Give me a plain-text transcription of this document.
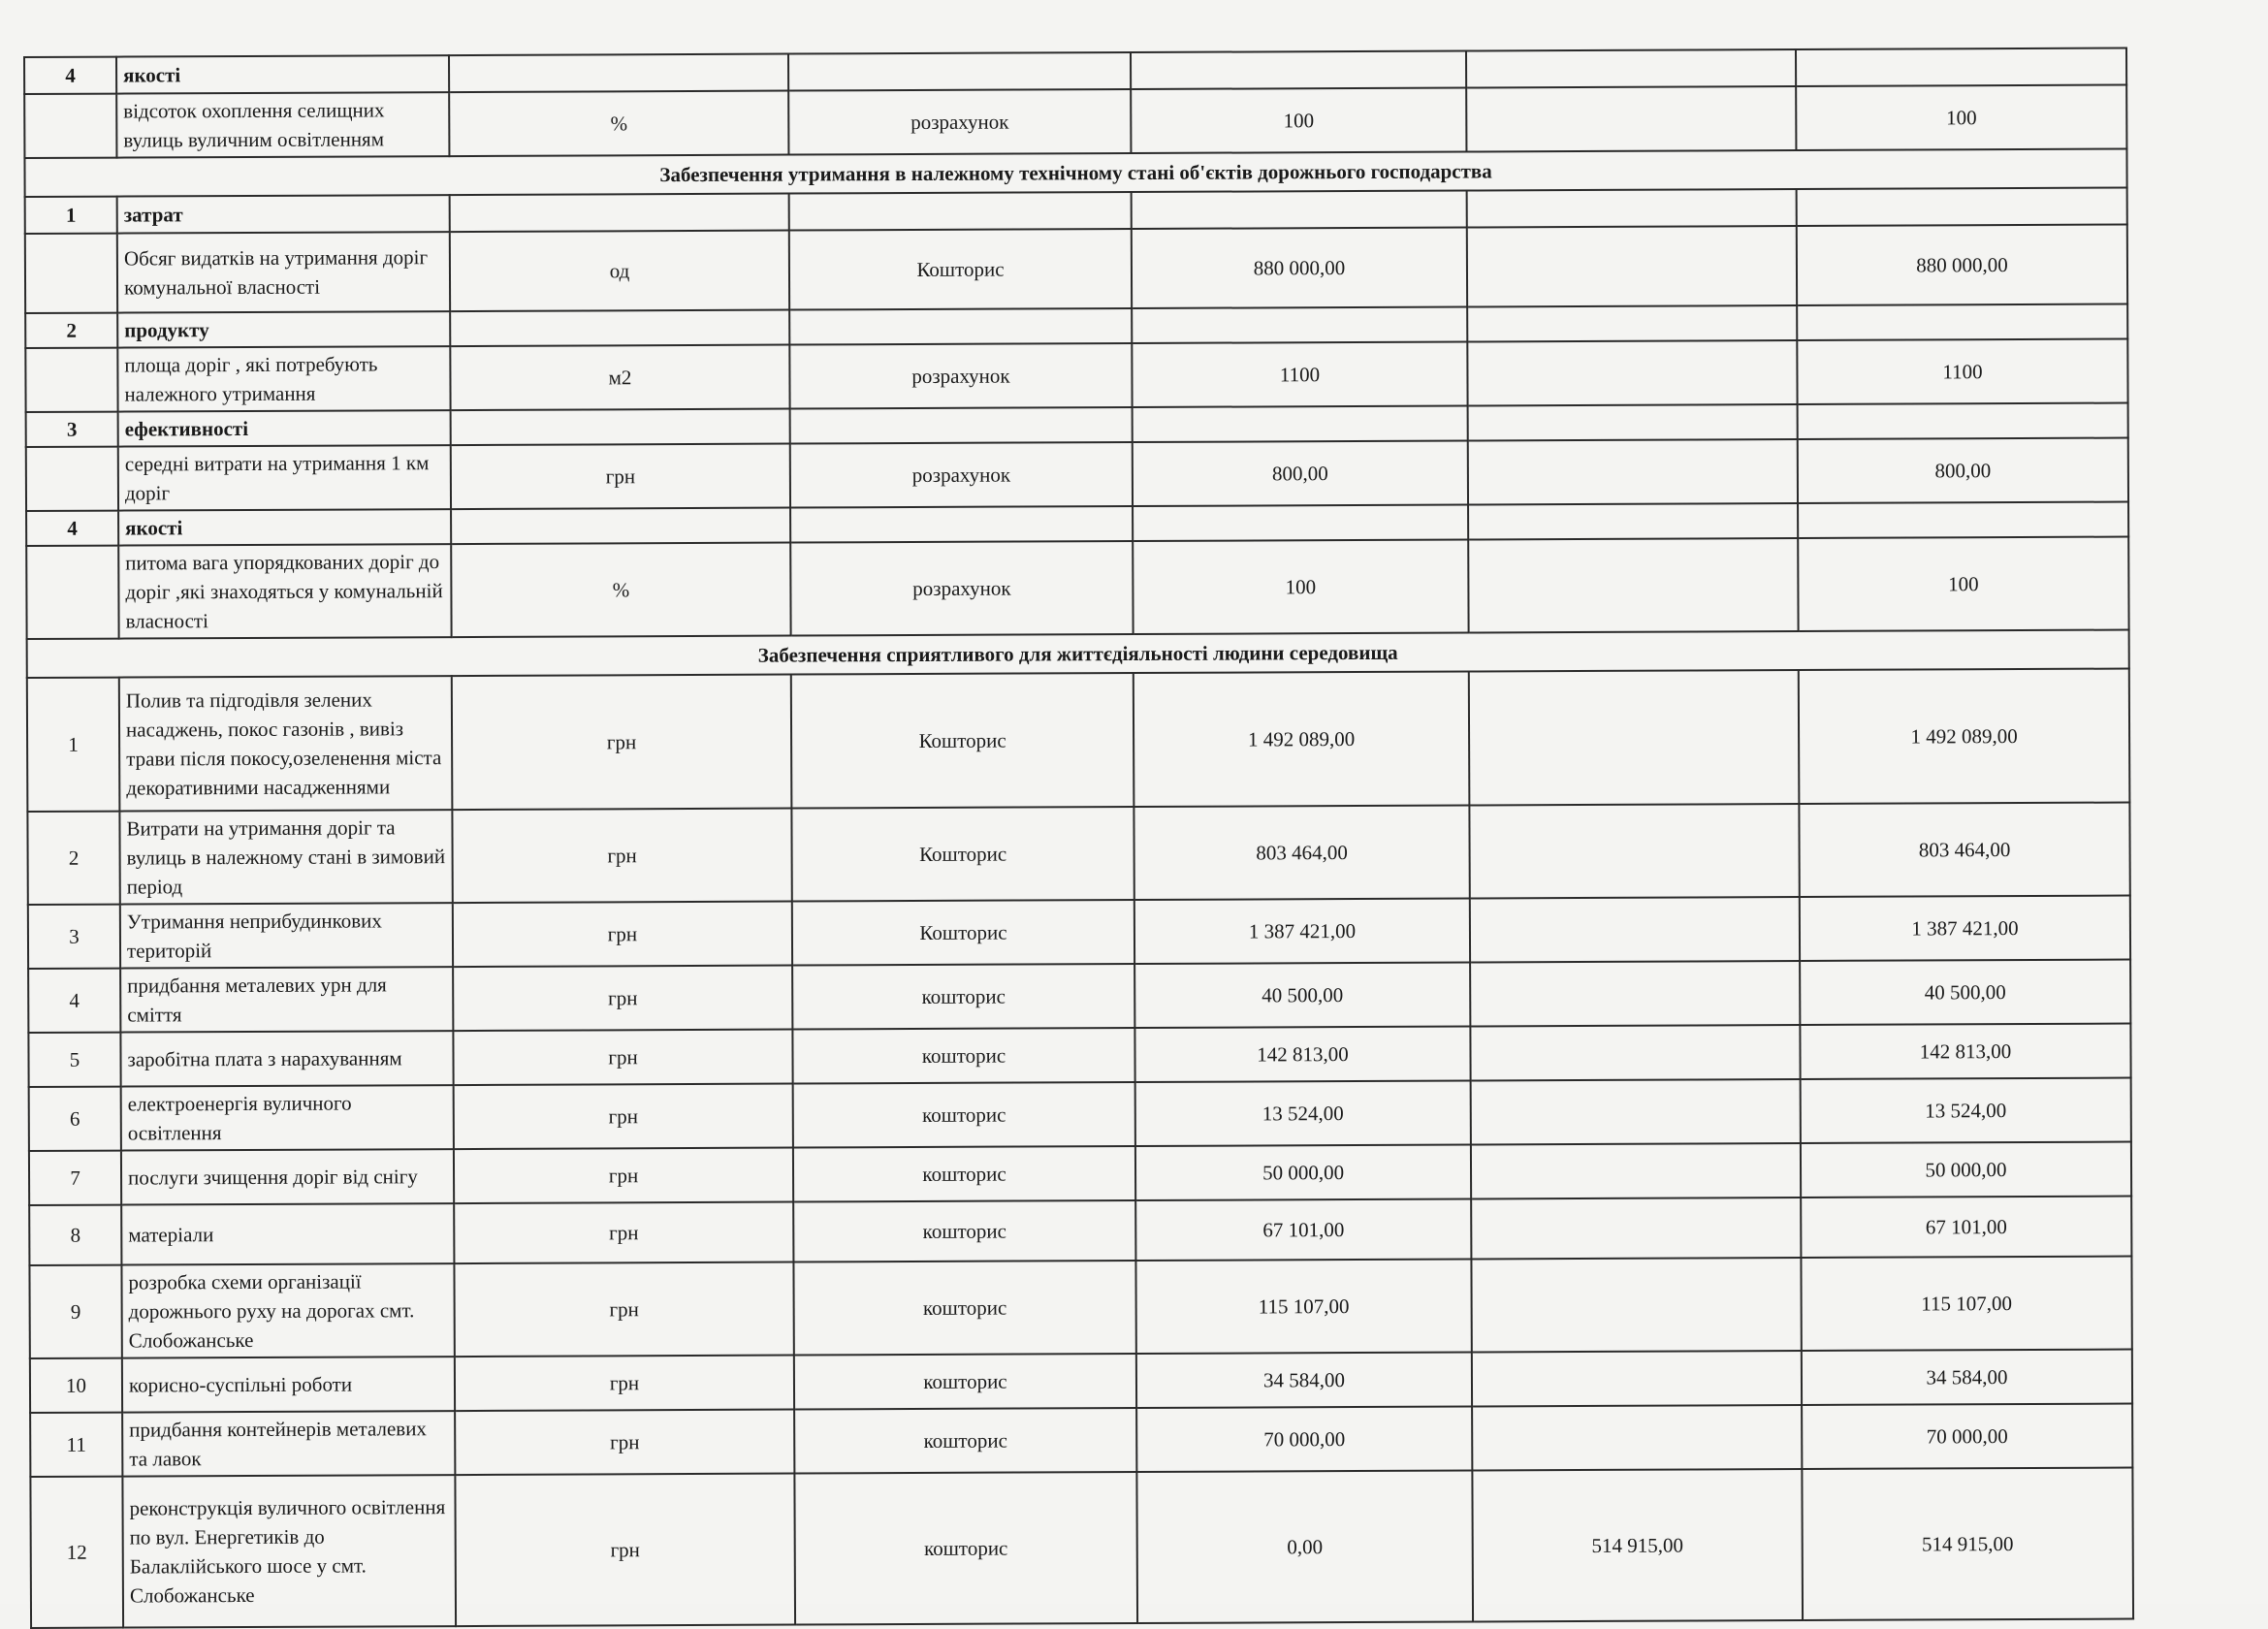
4	якості					
	відсоток охоплення селищних вулиць вуличним освітленням	%	розрахунок	100		100
Забезпечення утримання в належному технічному стані об'єктів дорожнього господарства						
1	затрат					
	Обсяг видатків на утримання доріг комунальної власності	од	Кошторис	880 000,00		880 000,00
2	продукту					
	площа доріг , які потребують належного утримання	м2	розрахунок	1100		1100
3	ефективності					
	середні витрати на утримання 1 км доріг	грн	розрахунок	800,00		800,00
4	якості					
	питома вага упорядкованих доріг до доріг ,які знаходяться у комунальній власності	%	розрахунок	100		100
Забезпечення сприятливого для життєдіяльності людини середовища						
1	Полив та підгодівля зелених насаджень, покос газонів , вивіз трави після покосу,озеленення міста декоративними насадженнями	грн	Кошторис	1 492 089,00		1 492 089,00
2	Витрати на утримання доріг та вулиць в належному стані в зимовий період	грн	Кошторис	803 464,00		803 464,00
3	Утримання неприбудинкових територій	грн	Кошторис	1 387 421,00		1 387 421,00
4	придбання металевих урн для сміття	грн	кошторис	40 500,00		40 500,00
5	заробітна плата з нарахуванням	грн	кошторис	142 813,00		142 813,00
6	електроенергія вуличного освітлення	грн	кошторис	13 524,00		13 524,00
7	послуги зчищення доріг від снігу	грн	кошторис	50 000,00		50 000,00
8	матеріали	грн	кошторис	67 101,00		67 101,00
9	розробка схеми організації дорожнього руху на дорогах смт. Слобожанське	грн	кошторис	115 107,00		115 107,00
10	корисно-суспільні роботи	грн	кошторис	34 584,00		34 584,00
11	придбання контейнерів металевих та лавок	грн	кошторис	70 000,00		70 000,00
12	реконструкція вуличного освітлення по вул. Енергетиків до Балаклійського шосе у смт. Слобожанське	грн	кошторис	0,00	514 915,00	514 915,00
